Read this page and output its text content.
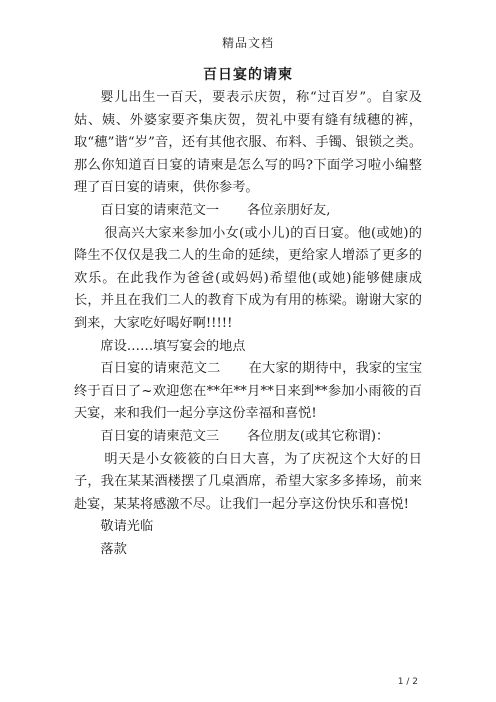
精品文档
百日宴的请柬

婴儿出生一百天，要表示庆贺，称“过百岁”。自家及姑、姨、外婆家要齐集庆贺，贺礼中要有缝有绒穗的裤，取“穗”谐“岁”音，还有其他衣服、布料、手镯、银锁之类。那么你知道百日宴的请柬是怎么写的吗?下面学习啦小编整理了百日宴的请柬，供你参考。

百日宴的请柬范文一 各位亲朋好友,

很高兴大家来参加小女(或小儿)的百日宴。他(或她)的降生不仅仅是我二人的生命的延续，更给家人增添了更多的欢乐。在此我作为爸爸(或妈妈)希望他(或她)能够健康成长，并且在我们二人的教育下成为有用的栋梁。谢谢大家的到来，大家吃好喝好啊!!!!!

席设……填写宴会的地点

百日宴的请柬范文二 在大家的期待中，我家的宝宝终于百日了~欢迎您在**年**月**日来到**参加小雨筱的百天宴，来和我们一起分享这份幸福和喜悦!

百日宴的请柬范文三 各位朋友(或其它称谓)：

明天是小女筱筱的白日大喜，为了庆祝这个大好的日子，我在某某酒楼摆了几桌酒席，希望大家多多捧场，前来赴宴，某某将感激不尽。让我们一起分享这份快乐和喜悦!

敬请光临

落款

1 / 2
